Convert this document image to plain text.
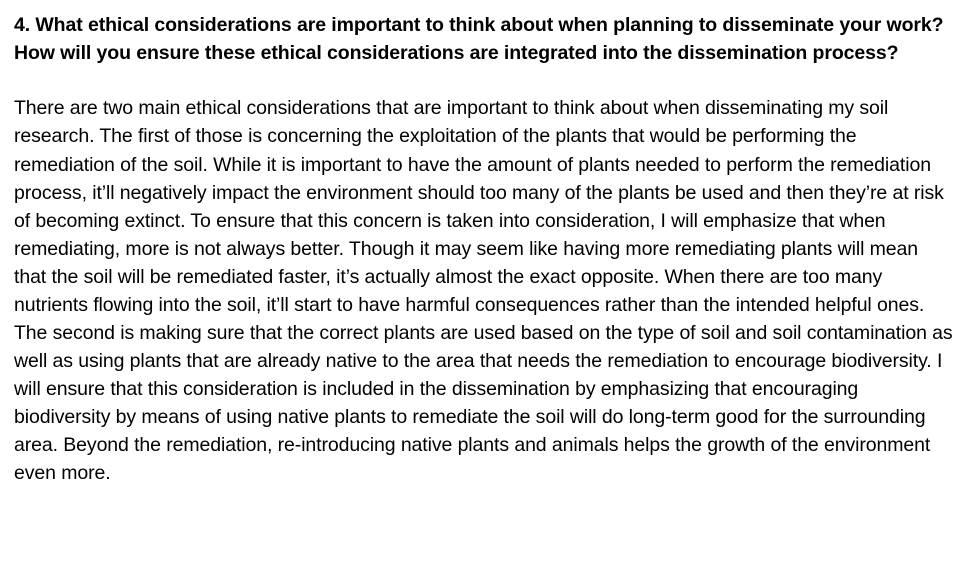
4. What ethical considerations are important to think about when planning to disseminate your work? How will you ensure these ethical considerations are integrated into the dissemination process?

There are two main ethical considerations that are important to think about when disseminating my soil research. The first of those is concerning the exploitation of the plants that would be performing the remediation of the soil. While it is important to have the amount of plants needed to perform the remediation process, it’ll negatively impact the environment should too many of the plants be used and then they’re at risk of becoming extinct. To ensure that this concern is taken into consideration, I will emphasize that when remediating, more is not always better. Though it may seem like having more remediating plants will mean that the soil will be remediated faster, it’s actually almost the exact opposite. When there are too many nutrients flowing into the soil, it’ll start to have harmful consequences rather than the intended helpful ones. The second is making sure that the correct plants are used based on the type of soil and soil contamination as well as using plants that are already native to the area that needs the remediation to encourage biodiversity. I will ensure that this consideration is included in the dissemination by emphasizing that encouraging biodiversity by means of using native plants to remediate the soil will do long-term good for the surrounding area. Beyond the remediation, re-introducing native plants and animals helps the growth of the environment even more.
